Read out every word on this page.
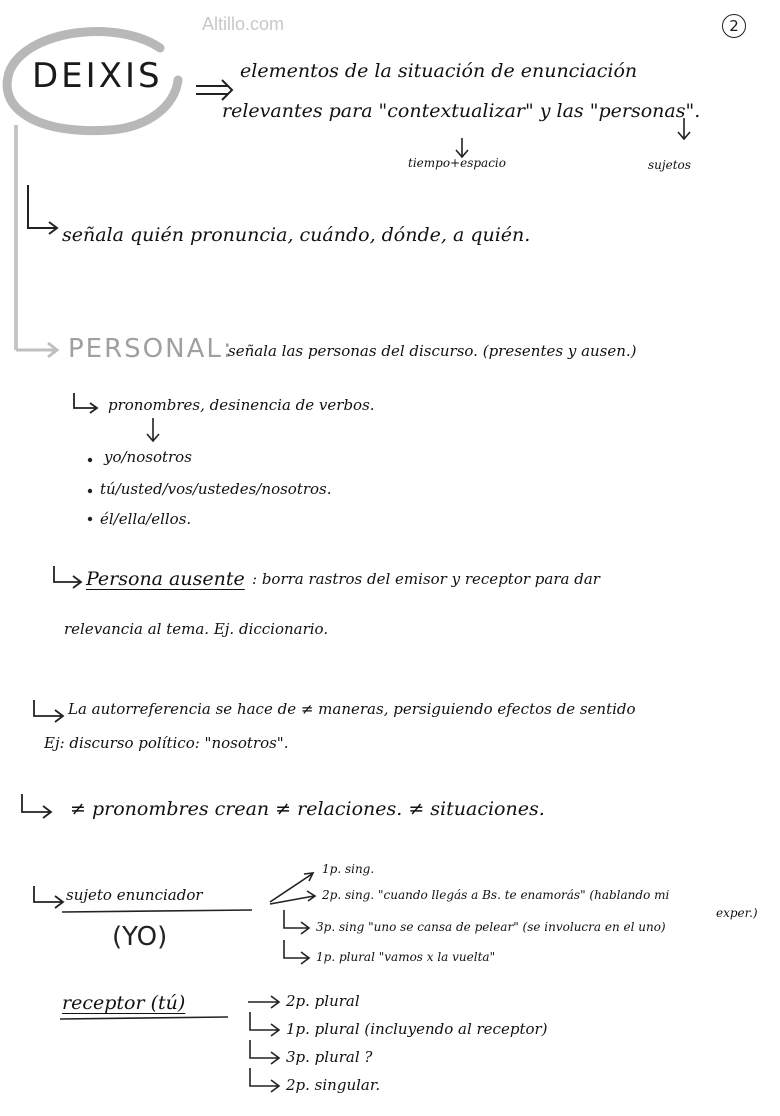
Altillo.com	2
DEIXIS	elementos de la situación de enunciación
relevantes para "contextualizar" y las "personas".
tiempo+espacio	sujetos
señala quién pronuncia, cuándo, dónde, a quién.
PERSONAL:
señala las personas del discurso. (presentes y ausen.)
pronombres, desinencia de verbos.
yo/nosotros
tú/usted/vos/ustedes/nosotros.
él/ella/ellos.
Persona ausente : borra rastros del emisor y receptor para dar
relevancia al tema. Ej. diccionario.
La autorreferencia se hace de ≠ maneras, persiguiendo efectos de sentido
Ej: discurso político: "nosotros".
≠ pronombres crean ≠ relaciones. ≠ situaciones.
sujeto enunciador
(YO)
1p. sing.
2p. sing. "cuando llegás a Bs. te enamorás" (hablando mi
exper.)
3p. sing "uno se cansa de pelear" (se involucra en el uno)
1p. plural "vamos x la vuelta"
receptor (tú)	2p. plural
1p. plural (incluyendo al receptor)
3p. plural ?
2p. singular.
